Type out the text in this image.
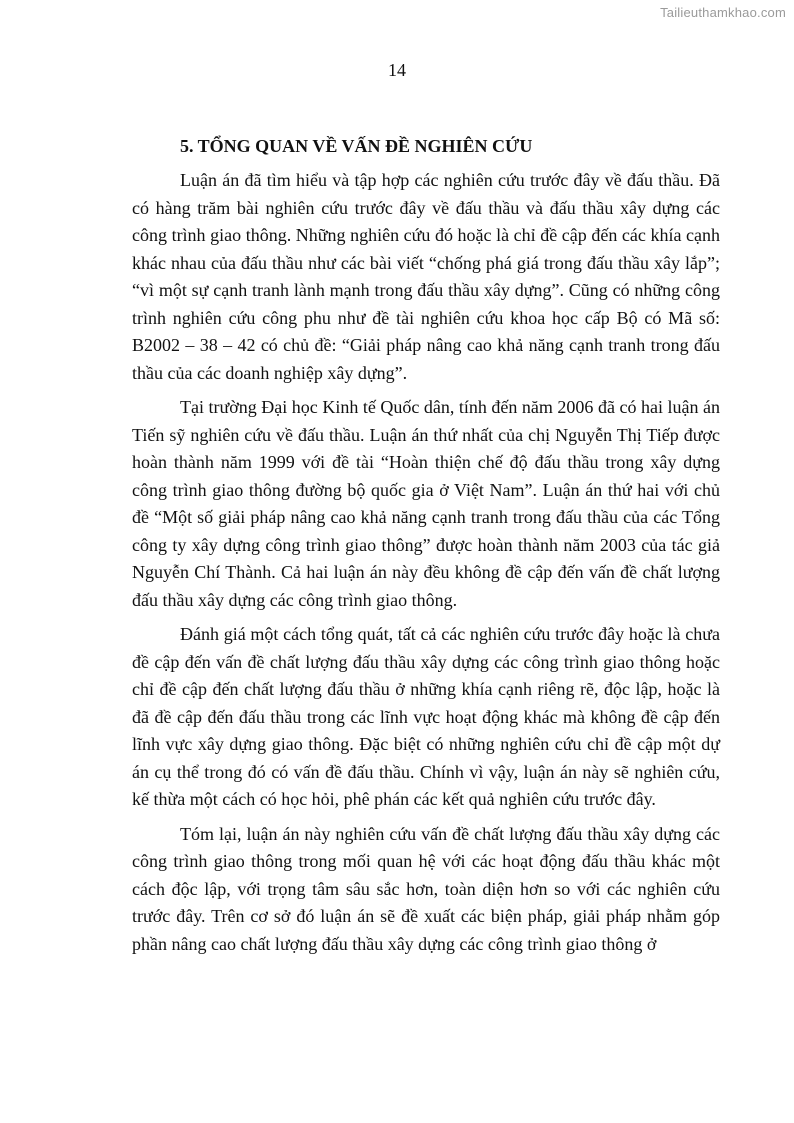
Tailieuthamkhao.com
14
5. TỔNG QUAN VỀ VẤN ĐỀ NGHIÊN CỨU

Luận án đã tìm hiểu và tập hợp các nghiên cứu trước đây về đấu thầu. Đã có hàng trăm bài nghiên cứu trước đây về đấu thầu và đấu thầu xây dựng các công trình giao thông. Những nghiên cứu đó hoặc là chỉ đề cập đến các khía cạnh khác nhau của đấu thầu như các bài viết “chống phá giá trong đấu thầu xây lắp”; “vì một sự cạnh tranh lành mạnh trong đấu thầu xây dựng”. Cũng có những công trình nghiên cứu công phu như đề tài nghiên cứu khoa học cấp Bộ có Mã số: B2002 – 38 – 42 có chủ đề: “Giải pháp nâng cao khả năng cạnh tranh trong đấu thầu của các doanh nghiệp xây dựng”.

Tại trường Đại học Kinh tế Quốc dân, tính đến năm 2006 đã có hai luận án Tiến sỹ nghiên cứu về đấu thầu. Luận án thứ nhất của chị Nguyễn Thị Tiếp được hoàn thành năm 1999 với đề tài “Hoàn thiện chế độ đấu thầu trong xây dựng công trình giao thông đường bộ quốc gia ở Việt Nam”. Luận án thứ hai với chủ đề “Một số giải pháp nâng cao khả năng cạnh tranh trong đấu thầu của các Tổng công ty xây dựng công trình giao thông” được hoàn thành năm 2003 của tác giả Nguyễn Chí Thành. Cả hai luận án này đều không đề cập đến vấn đề chất lượng đấu thầu xây dựng các công trình giao thông.

Đánh giá một cách tổng quát, tất cả các nghiên cứu trước đây hoặc là chưa đề cập đến vấn đề chất lượng đấu thầu xây dựng các công trình giao thông hoặc chỉ đề cập đến chất lượng đấu thầu ở những khía cạnh riêng rẽ, độc lập, hoặc là đã đề cập đến đấu thầu trong các lĩnh vực hoạt động khác mà không đề cập đến lĩnh vực xây dựng giao thông. Đặc biệt có những nghiên cứu chỉ đề cập một dự án cụ thể trong đó có vấn đề đấu thầu. Chính vì vậy, luận án này sẽ nghiên cứu, kế thừa một cách có học hỏi, phê phán các kết quả nghiên cứu trước đây.

Tóm lại, luận án này nghiên cứu vấn đề chất lượng đấu thầu xây dựng các công trình giao thông trong mối quan hệ với các hoạt động đấu thầu khác một cách độc lập, với trọng tâm sâu sắc hơn, toàn diện hơn so với các nghiên cứu trước đây. Trên cơ sở đó luận án sẽ đề xuất các biện pháp, giải pháp nhằm góp phần nâng cao chất lượng đấu thầu xây dựng các công trình giao thông ở
